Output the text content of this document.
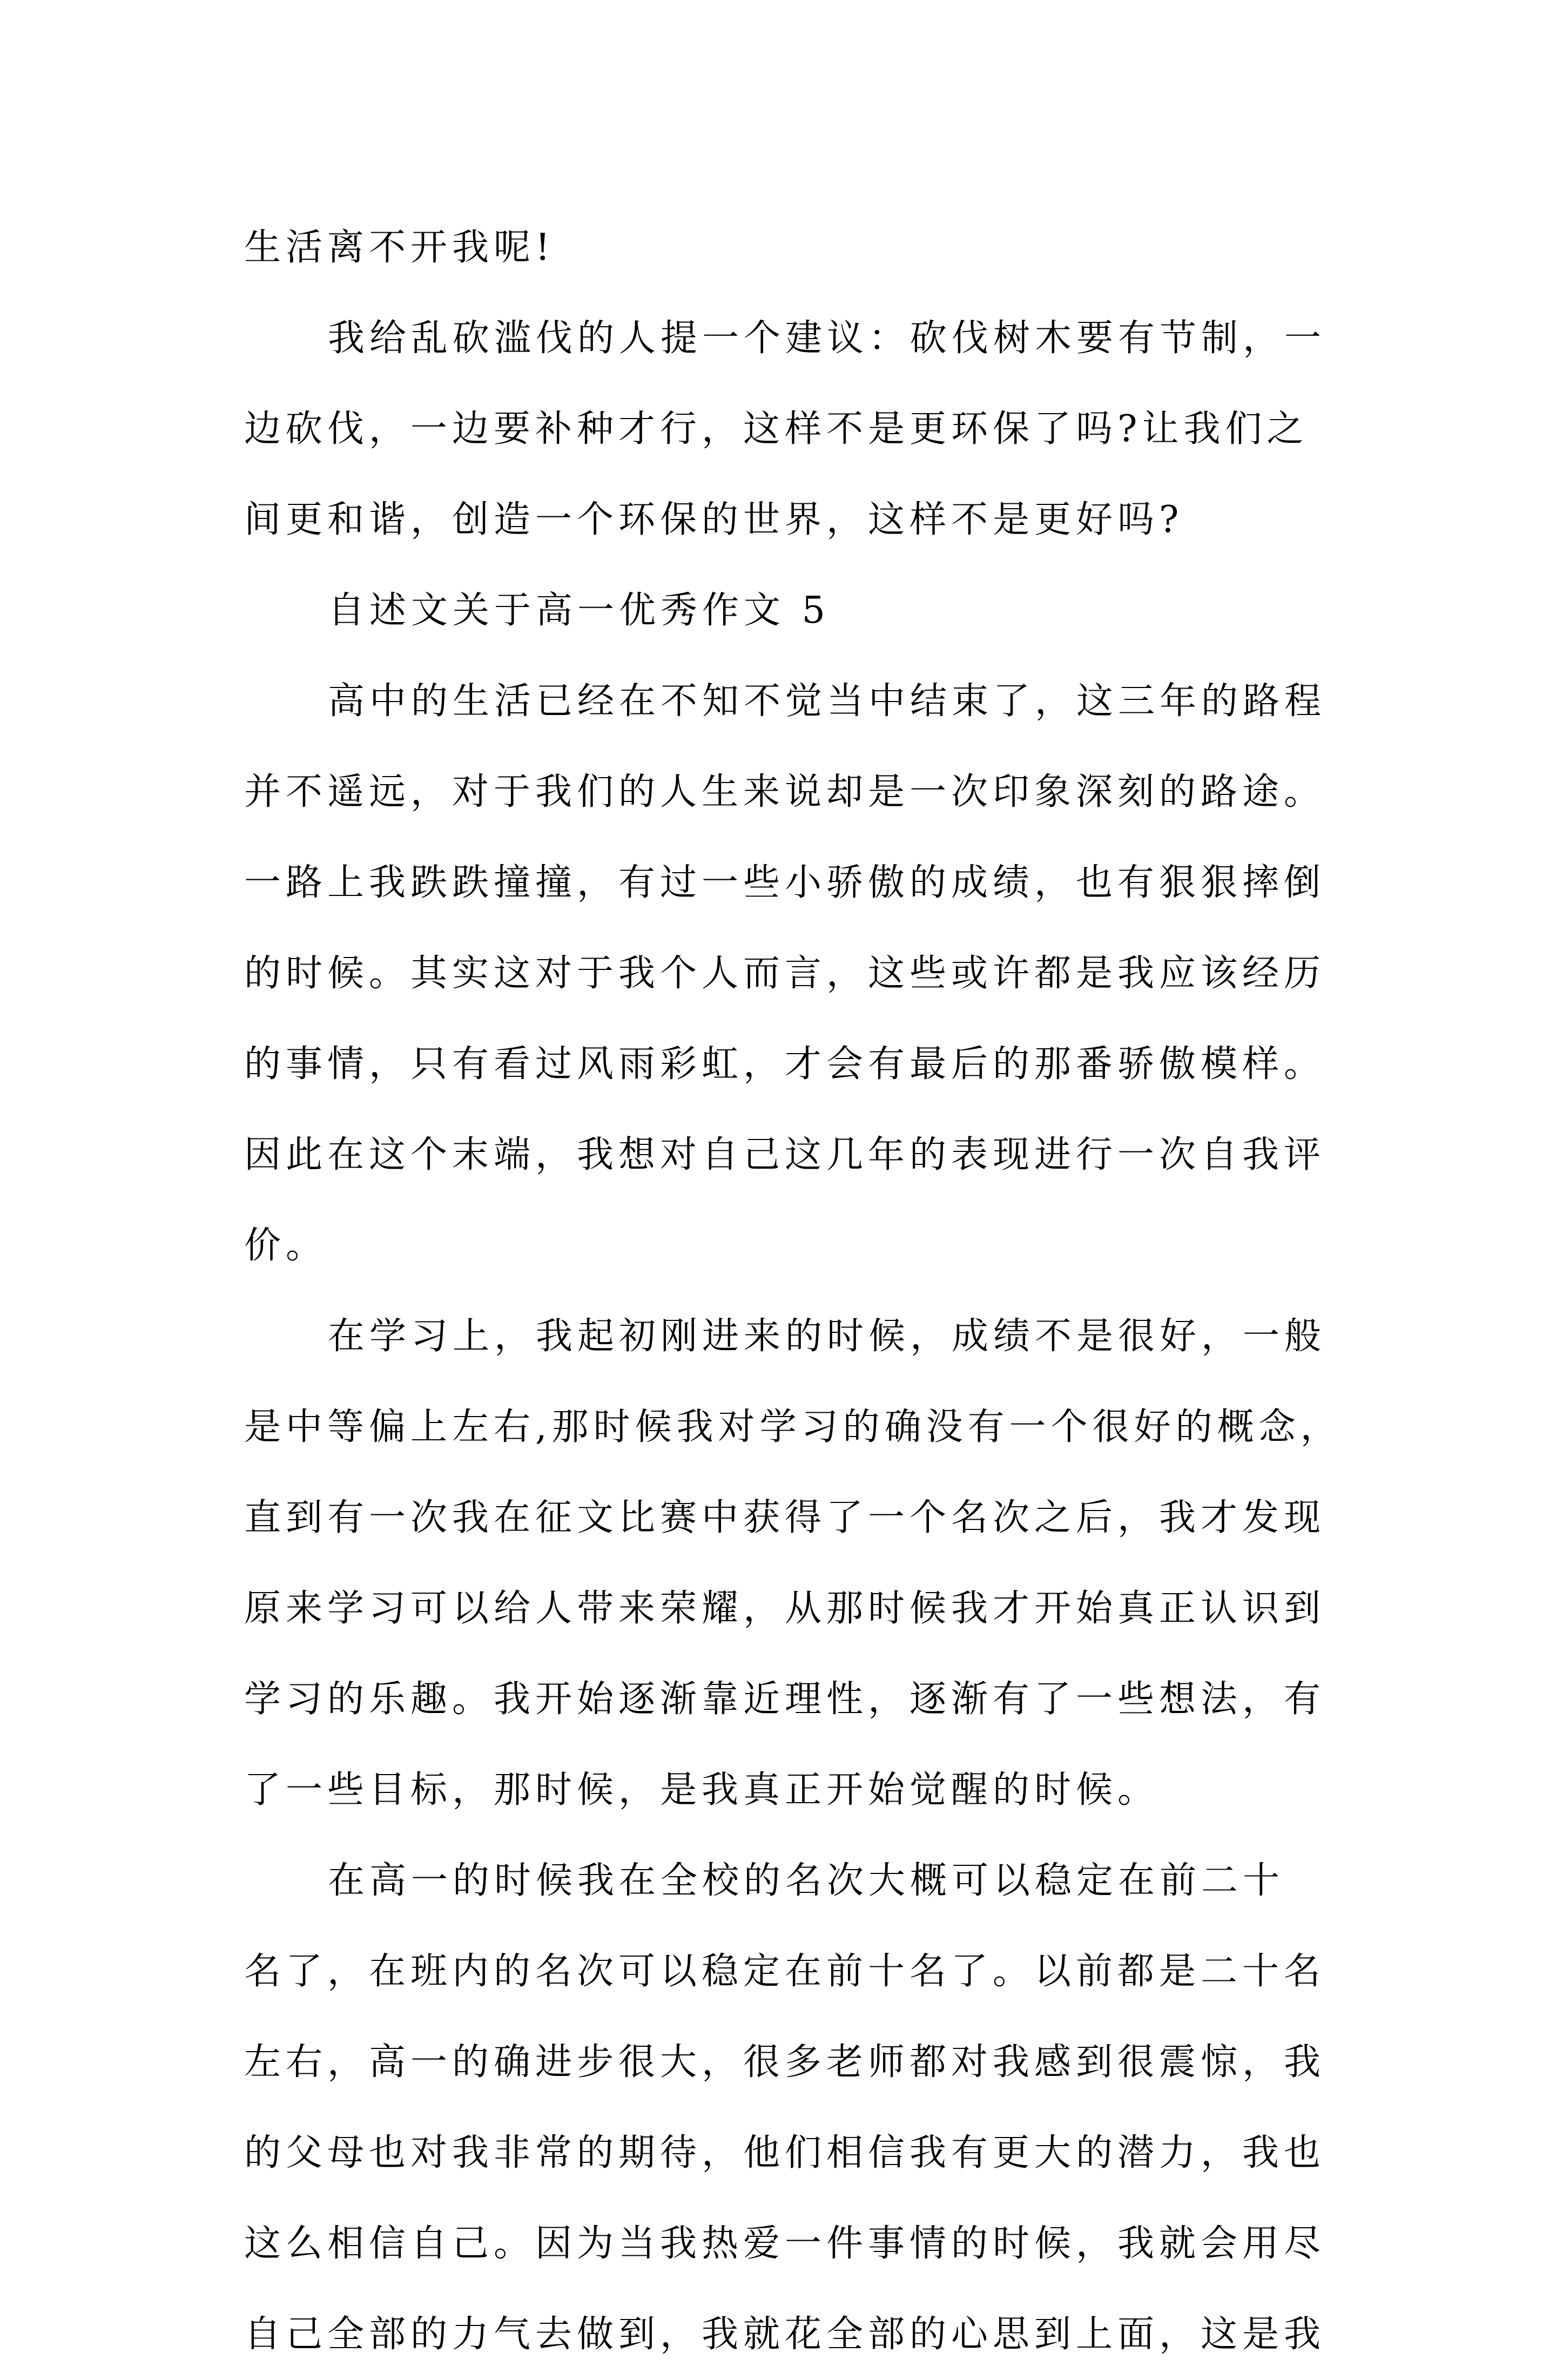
生活离不开我呢!
我给乱砍滥伐的人提一个建议：砍伐树木要有节制，一
边砍伐，一边要补种才行，这样不是更环保了吗?让我们之
间更和谐，创造一个环保的世界，这样不是更好吗?
自述文关于高一优秀作文 5
高中的生活已经在不知不觉当中结束了，这三年的路程
并不遥远，对于我们的人生来说却是一次印象深刻的路途。
一路上我跌跌撞撞，有过一些小骄傲的成绩，也有狠狠摔倒
的时候。其实这对于我个人而言，这些或许都是我应该经历
的事情，只有看过风雨彩虹，才会有最后的那番骄傲模样。
因此在这个末端，我想对自己这几年的表现进行一次自我评
价。
在学习上，我起初刚进来的时候，成绩不是很好，一般
是中等偏上左右,那时候我对学习的确没有一个很好的概念，
直到有一次我在征文比赛中获得了一个名次之后，我才发现
原来学习可以给人带来荣耀，从那时候我才开始真正认识到
学习的乐趣。我开始逐渐靠近理性，逐渐有了一些想法，有
了一些目标，那时候，是我真正开始觉醒的时候。
在高一的时候我在全校的名次大概可以稳定在前二十
名了，在班内的名次可以稳定在前十名了。以前都是二十名
左右，高一的确进步很大，很多老师都对我感到很震惊，我
的父母也对我非常的期待，他们相信我有更大的潜力，我也
这么相信自己。因为当我热爱一件事情的时候，我就会用尽
自己全部的力气去做到，我就花全部的心思到上面，这是我
